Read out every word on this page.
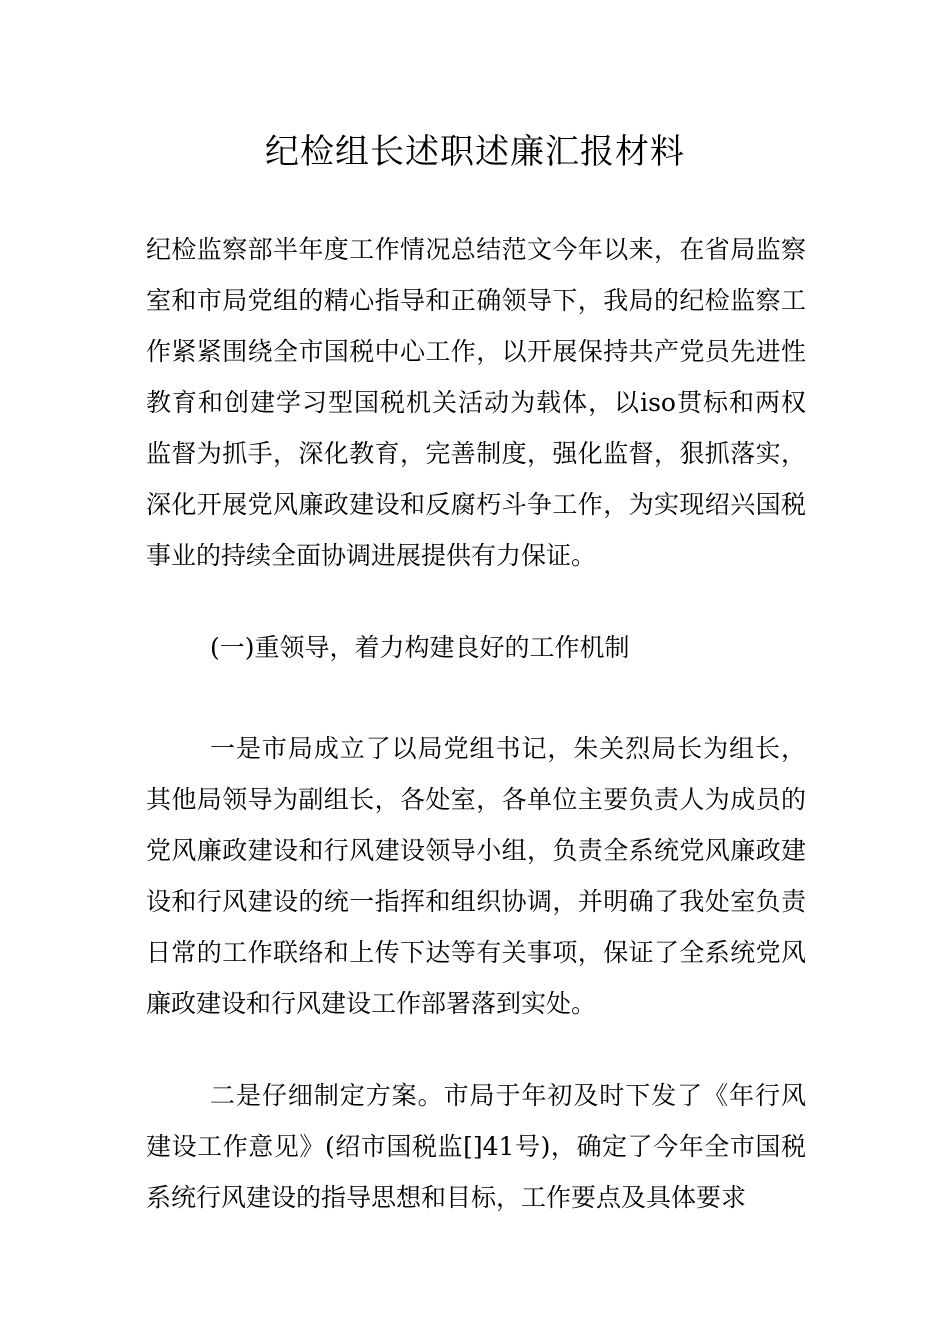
纪检组长述职述廉汇报材料
纪检监察部半年度工作情况总结范文今年以来，在省局监察室和市局党组的精心指导和正确领导下，我局的纪检监察工作紧紧围绕全市国税中心工作，以开展保持共产党员先进性教育和创建学习型国税机关活动为载体，以iso贯标和两权监督为抓手，深化教育，完善制度，强化监督，狠抓落实，深化开展党风廉政建设和反腐朽斗争工作，为实现绍兴国税事业的持续全面协调进展提供有力保证。
(一)重领导，着力构建良好的工作机制
一是市局成立了以局党组书记，朱关烈局长为组长，其他局领导为副组长，各处室，各单位主要负责人为成员的党风廉政建设和行风建设领导小组，负责全系统党风廉政建设和行风建设的统一指挥和组织协调，并明确了我处室负责日常的工作联络和上传下达等有关事项，保证了全系统党风廉政建设和行风建设工作部署落到实处。
二是仔细制定方案。市局于年初及时下发了《年行风建设工作意见》(绍市国税监[]41号)，确定了今年全市国税系统行风建设的指导思想和目标，工作要点及具体要求
